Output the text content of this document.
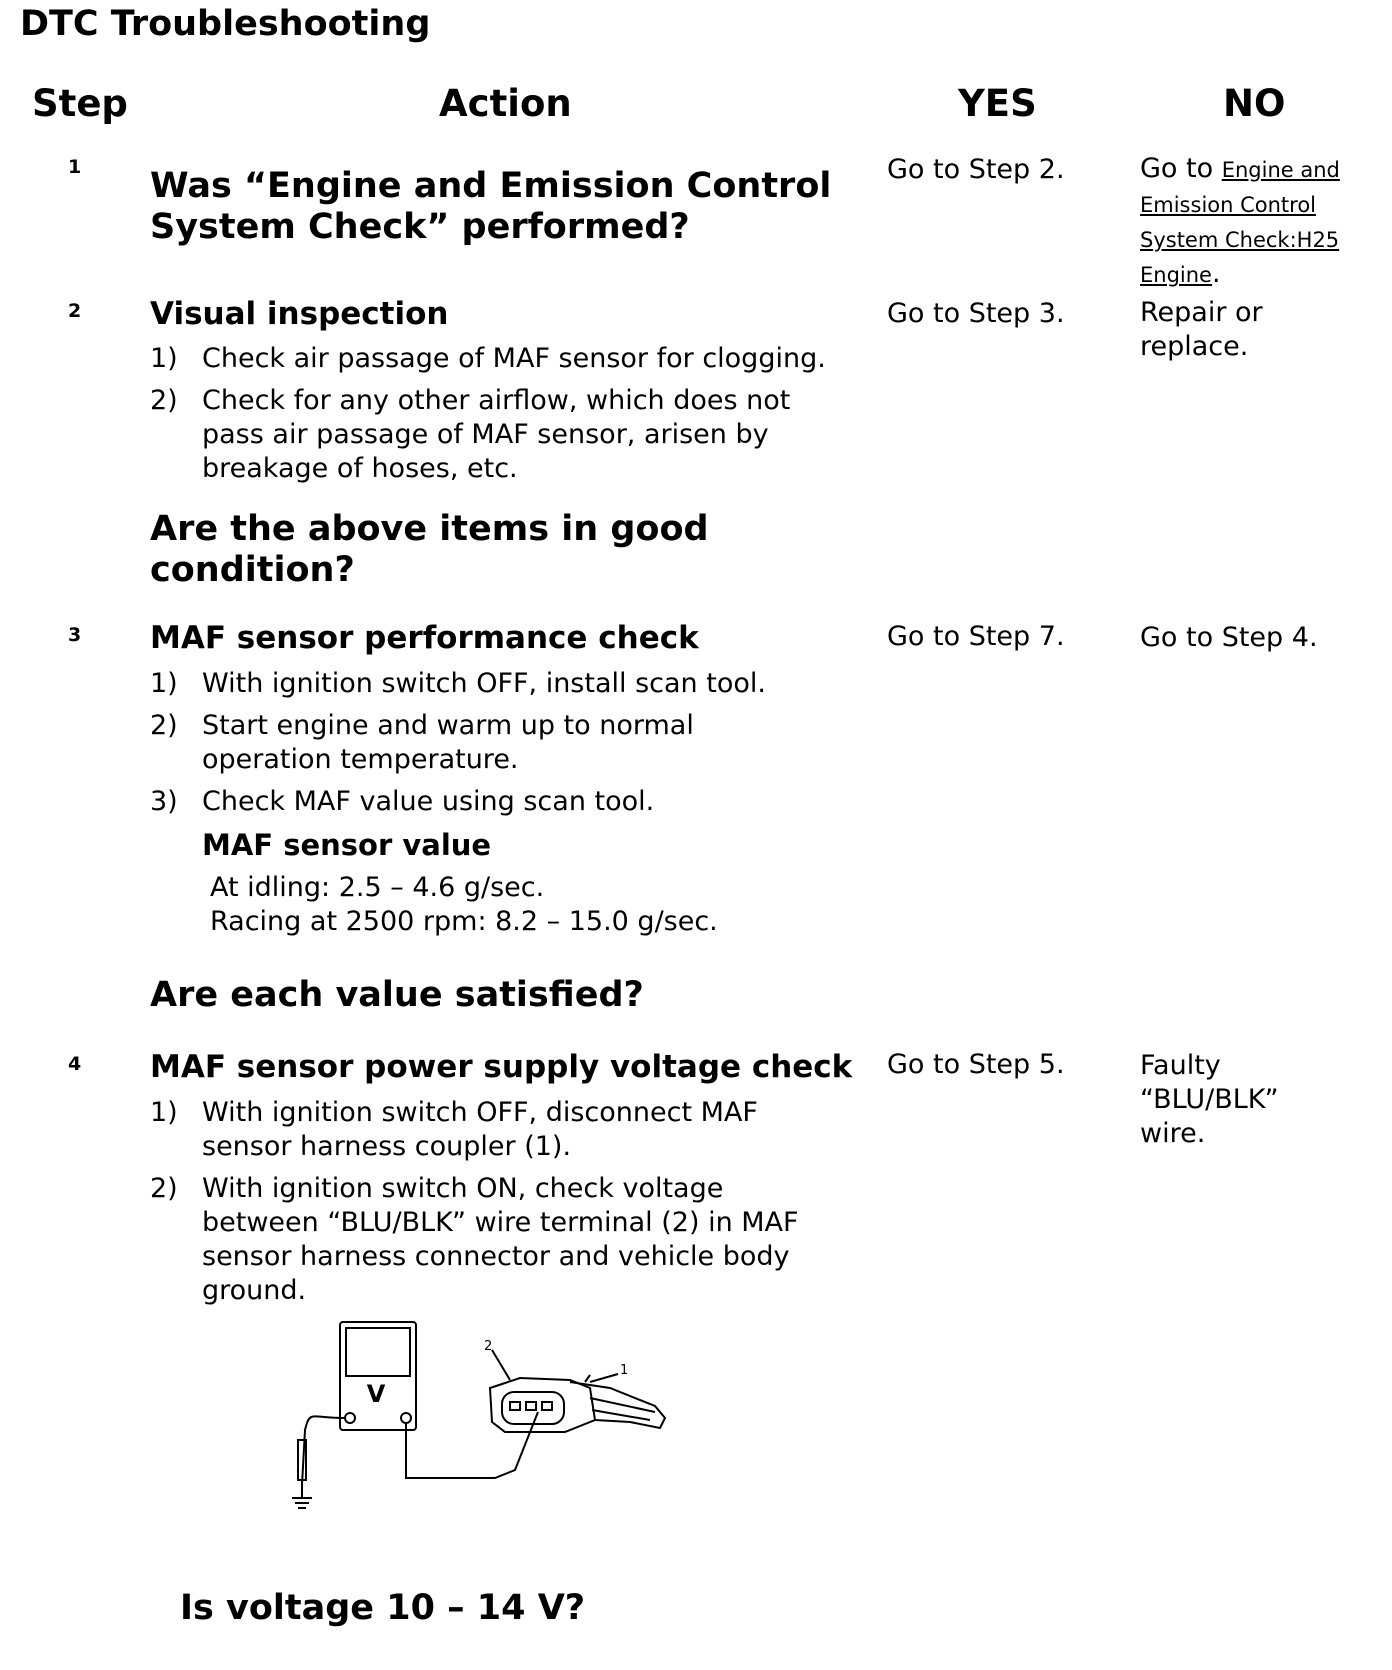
DTC Troubleshooting
Step	Action	YES	NO
1 Was “Engine and Emission Control System Check” performed?
Go to Step 2.	Go to Engine and Emission Control System Check:H25 Engine.
2 Visual inspection
1) Check air passage of MAF sensor for clogging.
2) Check for any other airflow, which does not pass air passage of MAF sensor, arisen by breakage of hoses, etc.
Are the above items in good condition?
Go to Step 3.	Repair or replace.
3 MAF sensor performance check
1) With ignition switch OFF, install scan tool.
2) Start engine and warm up to normal operation temperature.
3) Check MAF value using scan tool.
MAF sensor value
At idling: 2.5 – 4.6 g/sec.
Racing at 2500 rpm: 8.2 – 15.0 g/sec.
Are each value satisfied?
Go to Step 7.	Go to Step 4.
4 MAF sensor power supply voltage check
1) With ignition switch OFF, disconnect MAF sensor harness coupler (1).
2) With ignition switch ON, check voltage between “BLU/BLK” wire terminal (2) in MAF sensor harness connector and vehicle body ground.
V
2
1
Is voltage 10 – 14 V?
Go to Step 5.	Faulty “BLU/BLK” wire.
